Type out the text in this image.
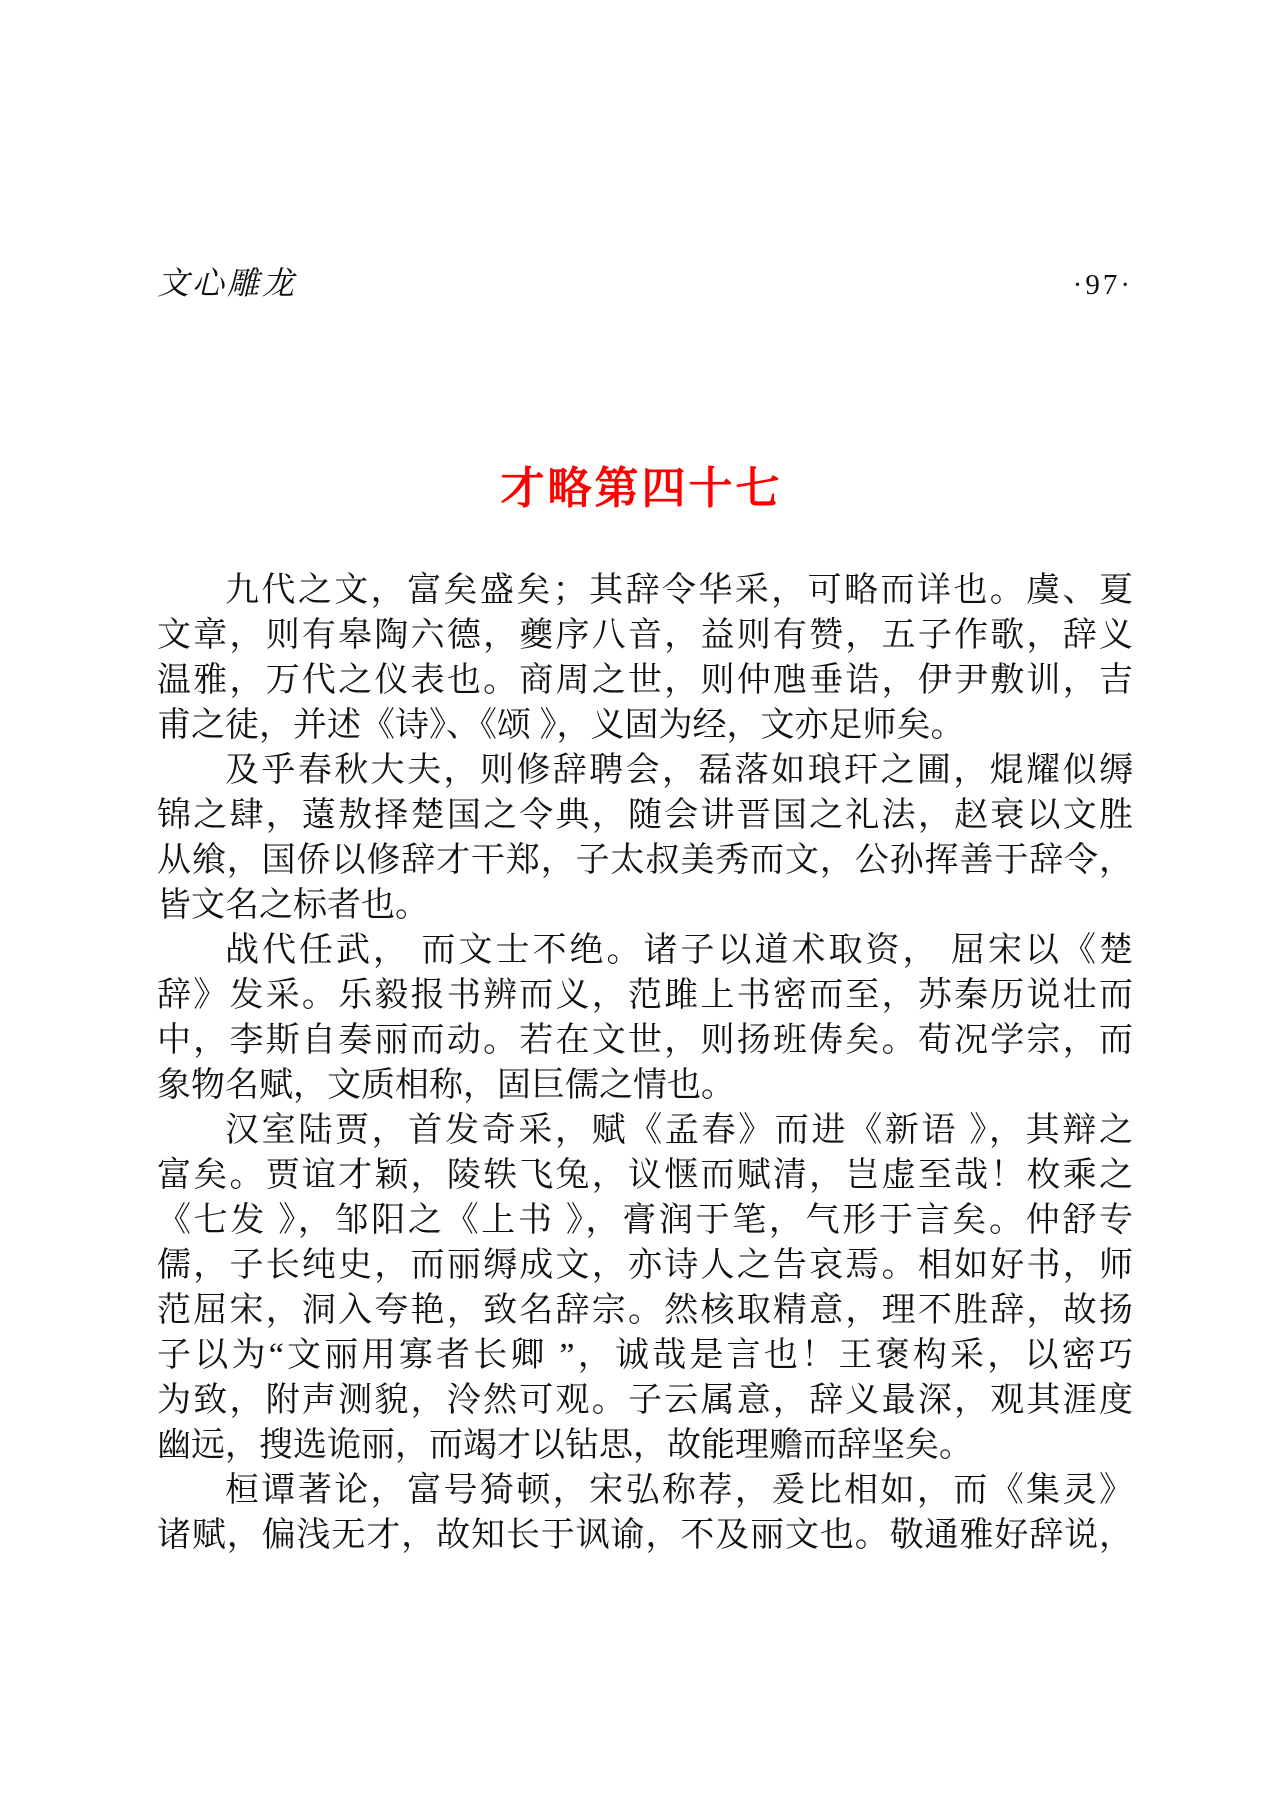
文心雕龙	·97·
才略第四十七
九代之文，富矣盛矣；其辞令华采，可略而详也。虞、夏
文章，则有皋陶六德，夔序八音，益则有赞，五子作歌，辞义
温雅，万代之仪表也。商周之世，则仲虺垂诰，伊尹敷训，吉
甫之徒，并述《诗》、《颂 》，义固为经，文亦足师矣。
及乎春秋大夫，则修辞聘会，磊落如琅玕之圃，焜耀似缛
锦之肆，薳敖择楚国之令典，随会讲晋国之礼法，赵衰以文胜
从飨，国侨以修辞才干郑，子太叔美秀而文，公孙挥善于辞令，
皆文名之标者也。
战代任武， 而文士不绝。诸子以道术取资， 屈宋以《楚
辞》发采。乐毅报书辨而义，范雎上书密而至，苏秦历说壮而
中，李斯自奏丽而动。若在文世，则扬班俦矣。荀况学宗，而
象物名赋，文质相称，固巨儒之情也。
汉室陆贾，首发奇采，赋《孟春》而进《新语 》，其辩之
富矣。贾谊才颖，陵轶飞兔，议惬而赋清，岂虚至哉！枚乘之
《七发 》，邹阳之《上书 》，膏润于笔，气形于言矣。仲舒专
儒，子长纯史，而丽缛成文，亦诗人之告哀焉。相如好书，师
范屈宋，洞入夸艳，致名辞宗。然核取精意，理不胜辞，故扬
子以为“文丽用寡者长卿 ”，诚哉是言也！王褒构采，以密巧
为致，附声测貌，泠然可观。子云属意，辞义最深，观其涯度
幽远，搜选诡丽，而竭才以钻思，故能理赡而辞坚矣。
桓谭著论，富号猗顿，宋弘称荐，爰比相如，而《集灵》
诸赋，偏浅无才，故知长于讽谕，不及丽文也。敬通雅好辞说，
